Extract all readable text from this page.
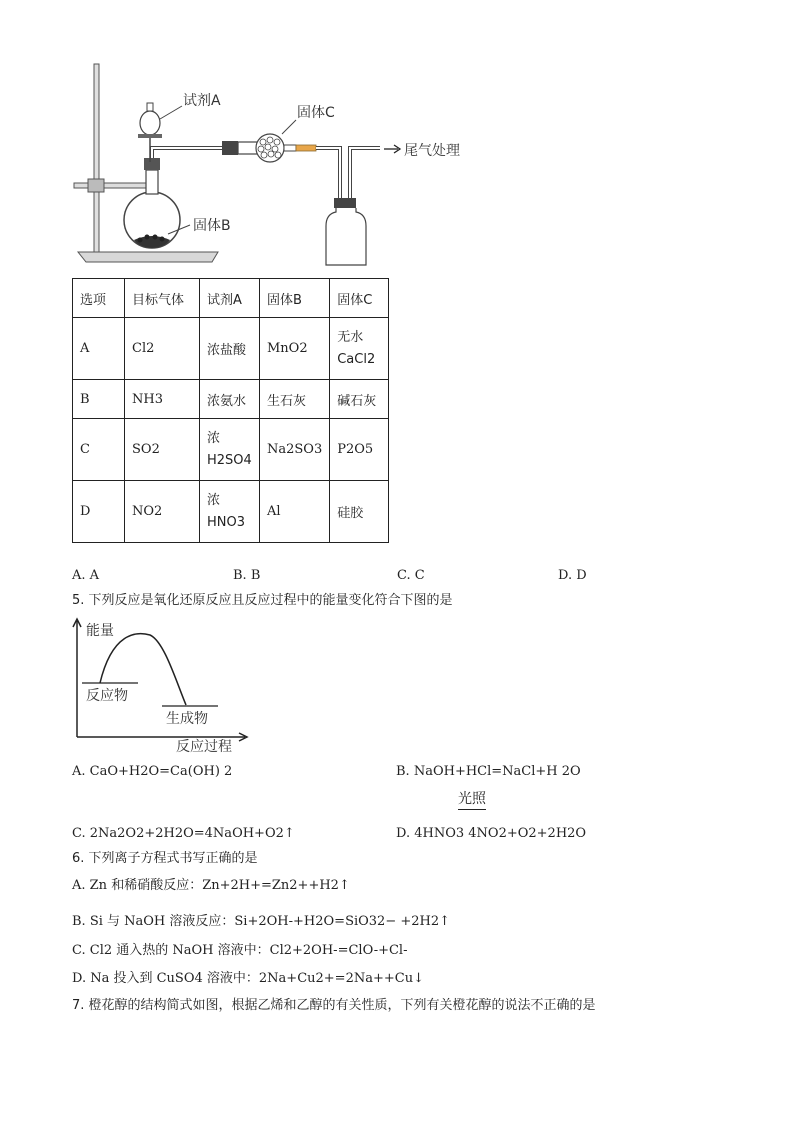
试剂A
固体C
固体B
尾气处理
选项	目标气体	试剂A	固体B	固体C
A	Cl2	浓盐酸	MnO2	无水 CaCl2
B	NH3	浓氨水	生石灰	碱石灰
C	SO2	浓 H2SO4	Na2SO3	P2O5
D	NO2	浓 HNO3	Al	硅胶
A. A	B. B	C. C	D. D
5. 下列反应是氧化还原反应且反应过程中的能量变化符合下图的是
能量
反应物
生成物
反应过程
A. CaO+H2O=Ca(OH) 2	B. NaOH+HCl=NaCl+H 2O
光照
C. 2Na2O2+2H2O=4NaOH+O2↑	D. 4HNO3 4NO2+O2+2H2O
6. 下列离子方程式书写正确的是
A. Zn 和稀硝酸反应：Zn+2H+=Zn2++H2↑
B. Si 与 NaOH 溶液反应：Si+2OH-+H2O=SiO32− +2H2↑
C. Cl2 通入热的 NaOH 溶液中：Cl2+2OH-=ClO-+Cl-
D. Na 投入到 CuSO4 溶液中：2Na+Cu2+=2Na++Cu↓
7. 橙花醇的结构简式如图，根据乙烯和乙醇的有关性质，下列有关橙花醇的说法不正确的是
